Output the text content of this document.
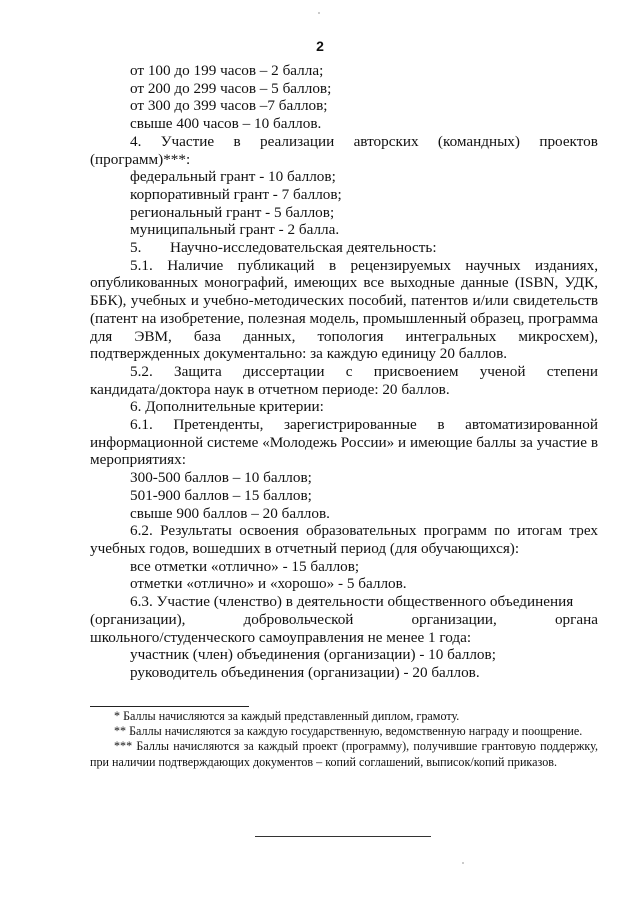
2

от 100 до 199 часов – 2 балла;

от 200 до 299 часов – 5 баллов;

от 300 до 399 часов –7 баллов;

свыше 400 часов – 10 баллов.

4. Участие в реализации авторских (командных) проектов

(программ)***:

федеральный грант - 10 баллов;

корпоративный грант - 7 баллов;

региональный грант - 5 баллов;

муниципальный грант - 2 балла.

5. Научно-исследовательская деятельность:

5.1. Наличие публикаций в рецензируемых научных изданиях, опубликованных монографий, имеющих все выходные данные (ISBN, УДК, ББК), учебных и учебно-методических пособий, патентов и/или свидетельств (патент на изобретение, полезная модель, промышленный образец, программа для ЭВМ, база данных, топология интегральных микросхем), подтвержденных документально: за каждую единицу 20 баллов.

5.2. Защита диссертации с присвоением ученой степени

кандидата/доктора наук в отчетном периоде: 20 баллов.

6. Дополнительные критерии:

6.1. Претенденты, зарегистрированные в автоматизированной

информационной системе «Молодежь России» и имеющие баллы за участие в мероприятиях:

300-500 баллов – 10 баллов;

501-900 баллов – 15 баллов;

свыше 900 баллов – 20 баллов.

6.2. Результаты освоения образовательных программ по итогам трех учебных годов, вошедших в отчетный период (для обучающихся):

все отметки «отлично» - 15 баллов;

отметки «отлично» и «хорошо» - 5 баллов.

6.3. Участие (членство) в деятельности общественного объединения

(организации),	добровольческой	организации,	органа

школьного/студенческого самоуправления не менее 1 года:

участник (член) объединения (организации) - 10 баллов;

руководитель объединения (организации) - 20 баллов.

* Баллы начисляются за каждый представленный диплом, грамоту.

** Баллы начисляются за каждую государственную, ведомственную награду и поощрение.

*** Баллы начисляются за каждый проект (программу), получившие грантовую поддержку, при наличии подтверждающих документов – копий соглашений, выписок/копий приказов.
